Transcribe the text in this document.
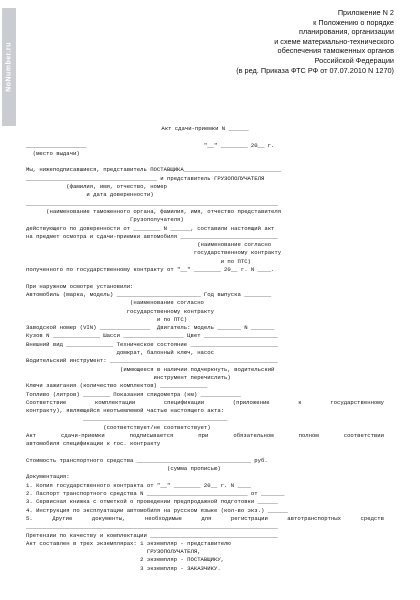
NoNumber.ru
Приложение N 2
к Положению о порядке
планирования, организации
и схеме материально-технического
обеспечения таможенных органов
Российской Федерации
(в ред. Приказа ФТС РФ от 07.07.2010 N 1270)
Акт сдачи-приемки N ______
__________________                                   "__" ________ 20__ г.
(место выдачи)
Мы, нижеподписавшиеся, представитель ПОСТАВЩИКА_____________________________
_______________________________________ и представитель ГРУЗОПОЛУЧАТЕЛЯ
(фамилия, имя, отчество, номер
и дата доверенности)
___________________________________________________________________________
(наименование таможенного органа, фамилия, имя, отчество представителя
Грузополучателя)
действующего по доверенности от ________ N ______, составили настоящий акт
на предмет осмотра и сдачи-приемки автомобиля _____________________________
(наименование согласно
государственному контракту
и по ПТС)
полученного по государственному контракту от "__" ________ 20__ г. N ____.
При наружном осмотре установили:
Автомобиль (марка, модель) _________________________ Год выпуска ________
(наименование согласно
государственному контракту
и по ПТС)
Заводской номер (VIN) _______________  Двигатель: модель _______ N _______
Кузов N ______________ Шасси __________________ Цвет ______________________
Внешний вид ______________ Техническое состояние __________________________
домкрат, балонный ключ, насос
Водительский инструмент: __________________________________________________
(имеющееся в наличии подчеркнуть, водительский
инструмент перечислить)
Ключи зажигания (количество комплектов) ______________
Топливо (литров) ________ Показания спидометра (км) ____________
Соответствие комплектации спецификации (приложение к государственному
контракту), являющейся неотъемлемой частью настоящего акта:
___________________________________________
(соответствует/не соответствует)
Акт сдачи-приемки подписывается при обязательном полном соответствии
автомобиля спецификации к гос. контракту
Стоимость транспортного средства __________________________________ руб.
(сумма прописью)
Документация:
1. Копия государственного контракта от "__" ________ 20__ г. N ____
2. Паспорт транспортного средства N ______________________________ от _______
3. Сервисная книжка с отметкой о проведении предпродажной подготовки ______
4. Инструкция по эксплуатации автомобиля на русском языке (кол-во экз.) ______
5. Другие документы, необходимые для регистрации автотранспортных средств
___________________________________________________________________________
Претензии по качеству и комплектации ______________________________________
Акт составлен в трех экземплярах: 1 экземпляр - представителю
ГРУЗОПОЛУЧАТЕЛЯ,
2 экземпляр - ПОСТАВЩИКУ,
3 экземпляр - ЗАКАЗЧИКУ.
